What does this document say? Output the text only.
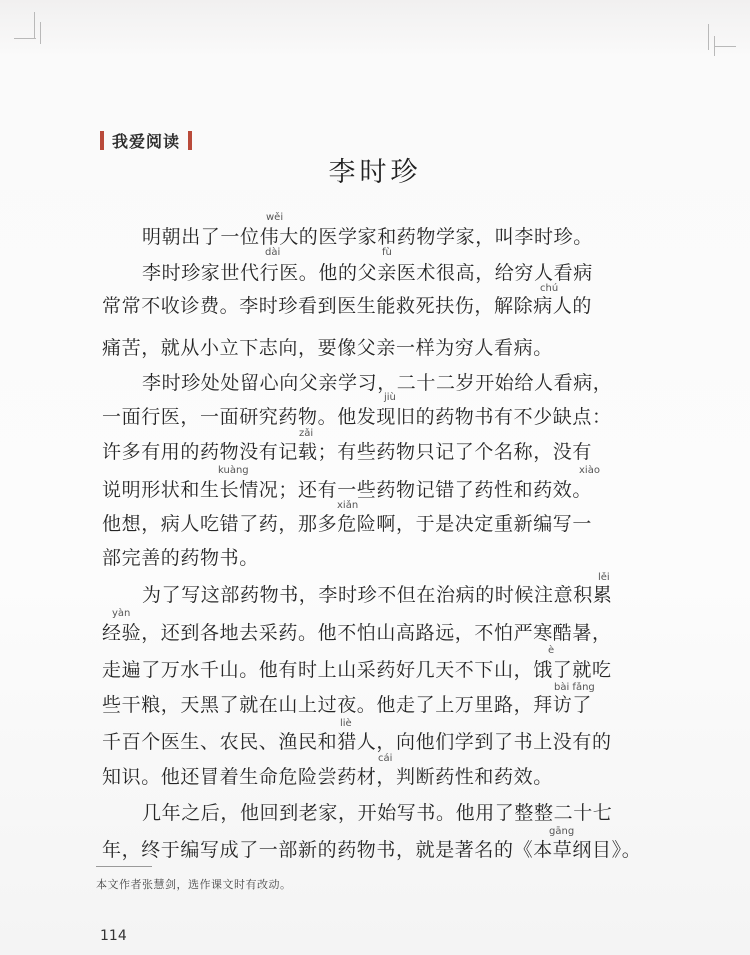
我爱阅读
李时珍
明朝出了一位伟大的医学家和药物学家，叫李时珍。
李时珍家世代行医。他的父亲医术很高，给穷人看病
常常不收诊费。李时珍看到医生能救死扶伤，解除病人的
痛苦，就从小立下志向，要像父亲一样为穷人看病。
李时珍处处留心向父亲学习，二十二岁开始给人看病，
一面行医，一面研究药物。他发现旧的药物书有不少缺点：
许多有用的药物没有记载；有些药物只记了个名称，没有
说明形状和生长情况；还有一些药物记错了药性和药效。
他想，病人吃错了药，那多危险啊，于是决定重新编写一
部完善的药物书。
为了写这部药物书，李时珍不但在治病的时候注意积累
经验，还到各地去采药。他不怕山高路远，不怕严寒酷暑，
走遍了万水千山。他有时上山采药好几天不下山，饿了就吃
些干粮，天黑了就在山上过夜。他走了上万里路，拜访了
千百个医生、农民、渔民和猎人，向他们学到了书上没有的
知识。他还冒着生命危险尝药材，判断药性和药效。
几年之后，他回到老家，开始写书。他用了整整二十七
年，终于编写成了一部新的药物书，就是著名的《本草纲目》。
wěi
dài	fù
chú
jiù
zǎi
kuàng	xiào
xiǎn
lěi
yàn
è
bài fǎng
liè
cái
gāng
本文作者张慧剑，选作课文时有改动。
114
